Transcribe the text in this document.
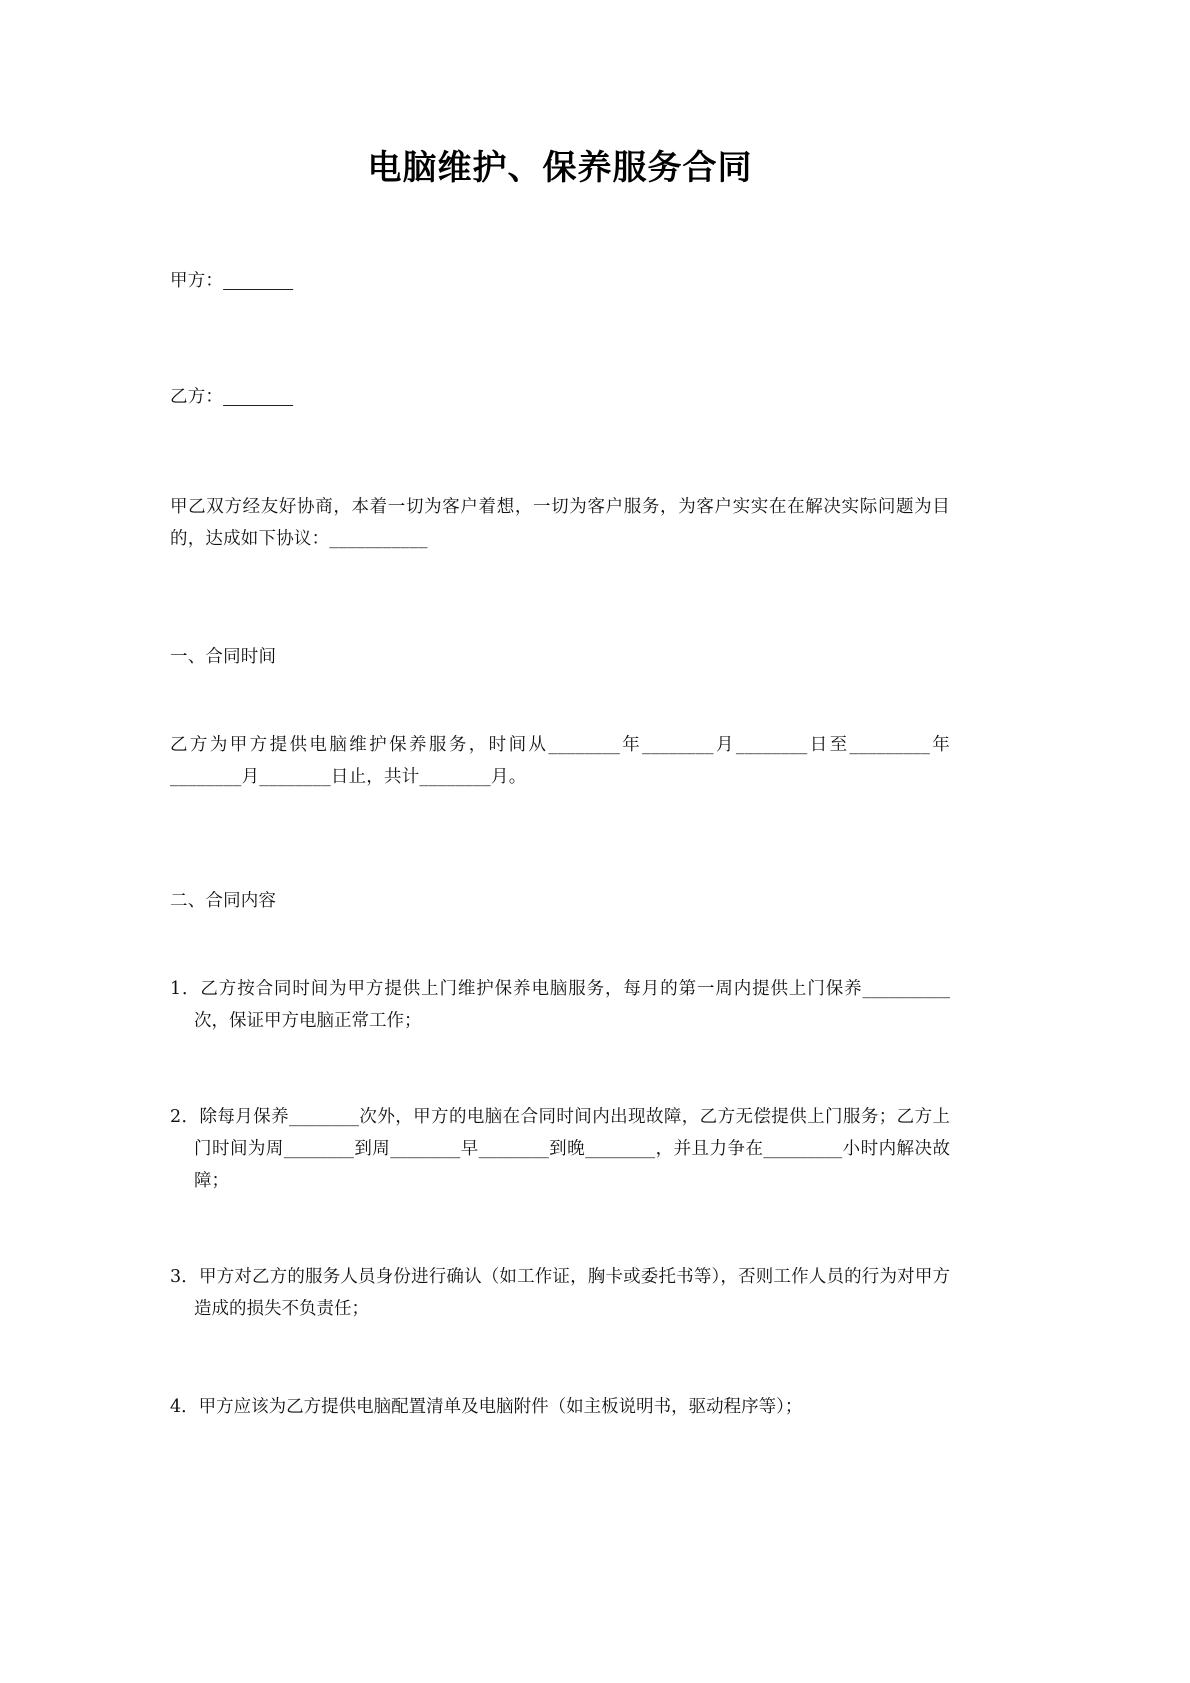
电脑维护、保养服务合同

甲方：

乙方：

甲乙双方经友好协商，本着一切为客户着想，一切为客户服务，为客户实实在在解决实际问题为目的，达成如下协议：___________

一、合同时间

乙方为甲方提供电脑维护保养服务，时间从________年________月________日至_________年________月________日止，共计________月。

二、合同内容

1．乙方按合同时间为甲方提供上门维护保养电脑服务，每月的第一周内提供上门保养__________次，保证甲方电脑正常工作；

2．除每月保养________次外，甲方的电脑在合同时间内出现故障，乙方无偿提供上门服务；乙方上门时间为周________到周________早________到晚________，并且力争在_________小时内解决故障；

3．甲方对乙方的服务人员身份进行确认（如工作证，胸卡或委托书等），否则工作人员的行为对甲方造成的损失不负责任；

4．甲方应该为乙方提供电脑配置清单及电脑附件（如主板说明书，驱动程序等）；
